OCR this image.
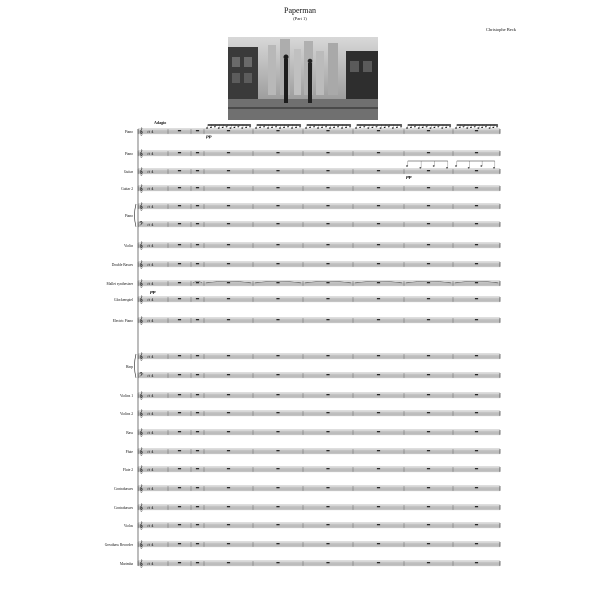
Paperman
(Part 1)
Christophe Beck
Adagio
Piano
Piano
Guitar
Guitar 2
Piano
Violin
Double Basses
Mallet synthesizer
Glockenspiel
Electric Piano
Harp
Violins 1
Violins 2
Bass
Flute
Flute 2
Contrabasses
Contrabasses
Violas
Greatbass Recorder
Marimba
𝄞 ♯♯ 4
𝄞 ♯♯ 4
𝄞 ♯♯ 4
𝄞 ♯♯ 4
𝄞 ♯♯ 4
𝄢 ♯♯ 4
𝄞 ♯♯ 4
𝄞 ♯♯ 4
𝄞 ♯♯ 4
𝄞 ♯♯ 4
𝄞 ♯♯ 4
𝄞 ♯♯ 4
𝄢 ♯♯ 4
𝄞 ♯♯ 4
𝄞 ♯♯ 4
𝄞 ♯♯ 4
𝄞 ♯♯ 4
𝄞 ♯♯ 4
𝄞 ♯♯ 4
𝄞 ♯♯ 4
𝄞 ♯♯ 4
𝄞 ♯♯ 4
𝄞 ♯♯ 4
pp
pp
pp
